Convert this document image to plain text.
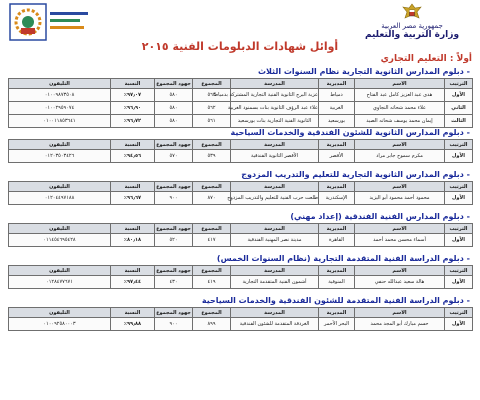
جمهورية مصر العربية
وزارة التربية والتعليم
أوائل شهادات الدبلومات الفنية ٢٠١٥
أولاً : التعليم التجاري
- دبلوم المدارس الثانوية التجارية نظام السنوات الثلاث
الترتيب	الاسم	المديرية	المدرسة	المجموع	جهود المجموع	النسبة	التليفون
الأول	هدى عبد العزيز كامل عبد الفتاح	دمياط	عزبة البرج الثانوية الفنية التجارية المشتركة بدمياط	٥٦٣	٥٨٠	٩٧٫٠٧٪	٠١٠٠٩٨٧٣٥٠٨
الثاني	علاء محمد شحاته النجاوي	الغربية	علاء عبد الرؤف الثانوية بنات بسمنود الغربية	٥٦٢	٥٨٠	٩٦٫٩٠٪	٠١٠٠٢٩٥٩٠٧٤
الثالث	إيمان محمد يوسف شحاته الصيد	بورسعيد	الثانوية الفنية التجارية بنات بورسعيد	٥٦١	٥٨٠	٩٦٫٧٢٪	٠١٠٠١١٨٥٣٦٤١
- دبلوم المدارس الثانوية للشئون الفندقية والخدمات السياحية
الترتيب	الاسم	المديرية	المدرسة	المجموع	جهود المجموع	النسبة	التليفون
الأول	مكرم سموح جابر مراد	الأقصر	الأقصر الثانوية الفندقية	٥٣٩	٥٧٠	٩٤٫٥٦٪	٠١٢٠٣٥٠٣٤٢٦
- دبلوم المدارس الثانوية التجارية للتعليم والتدريب المزدوج
الترتيب	الاسم	المديرية	المدرسة	المجموع	جهود المجموع	النسبة	التليفون
الأول	محمود أحمد محمود أبو اليزيد	الإسكندرية	طلعت حرب الفنية للتعليم والتدريب المزدوج	٨٧٠	٩٠٠	٩٦٫٦٧٪	٠١٢٠٤٤٩٧١٨٨
- دبلوم المدارس الفنية الفندقية (إعداد مهني)
الترتيب	الاسم	المديرية	المدرسة	المجموع	جهود المجموع	النسبة	التليفون
الأول	أسماء محسن محمد أحمد	القاهرة	مدينة نصر المهنية الفندقية	٤١٧	٥٢٠	٨٠٫١٨٪	٠١١٤٥٤٦٩٥٤٢٨
- دبلوم الدراسة الفنية المتقدمة التجارية (نظام السنوات الخمس)
الترتيب	الاسم	المديرية	المدرسة	المجموع	جهود المجموع	النسبة	التليفون
الأول	هالة سعيد عبدالله حنفي	المنوفية	أشمون الفنية المتقدمة التجارية	٤١٩	٤٣٠	٩٧٫٤٤٪	٠١٢٨٤٧٧٦٧١
- دبلوم الدراسة الفنية المتقدمة للشئون الفندقية والخدمات السياحية
الترتيب	الاسم	المديرية	المدرسة	المجموع	جهود المجموع	النسبة	التليفون
الأول	حسم مبارك أبو المجد محمد	البحر الأحمر	الغردقة المتقدمة للشئون الفندقية	٨٩٩	٩٠٠	٩٩٫٨٨٪	٠١٠٠٩٢٥٨٠٠٠٣
